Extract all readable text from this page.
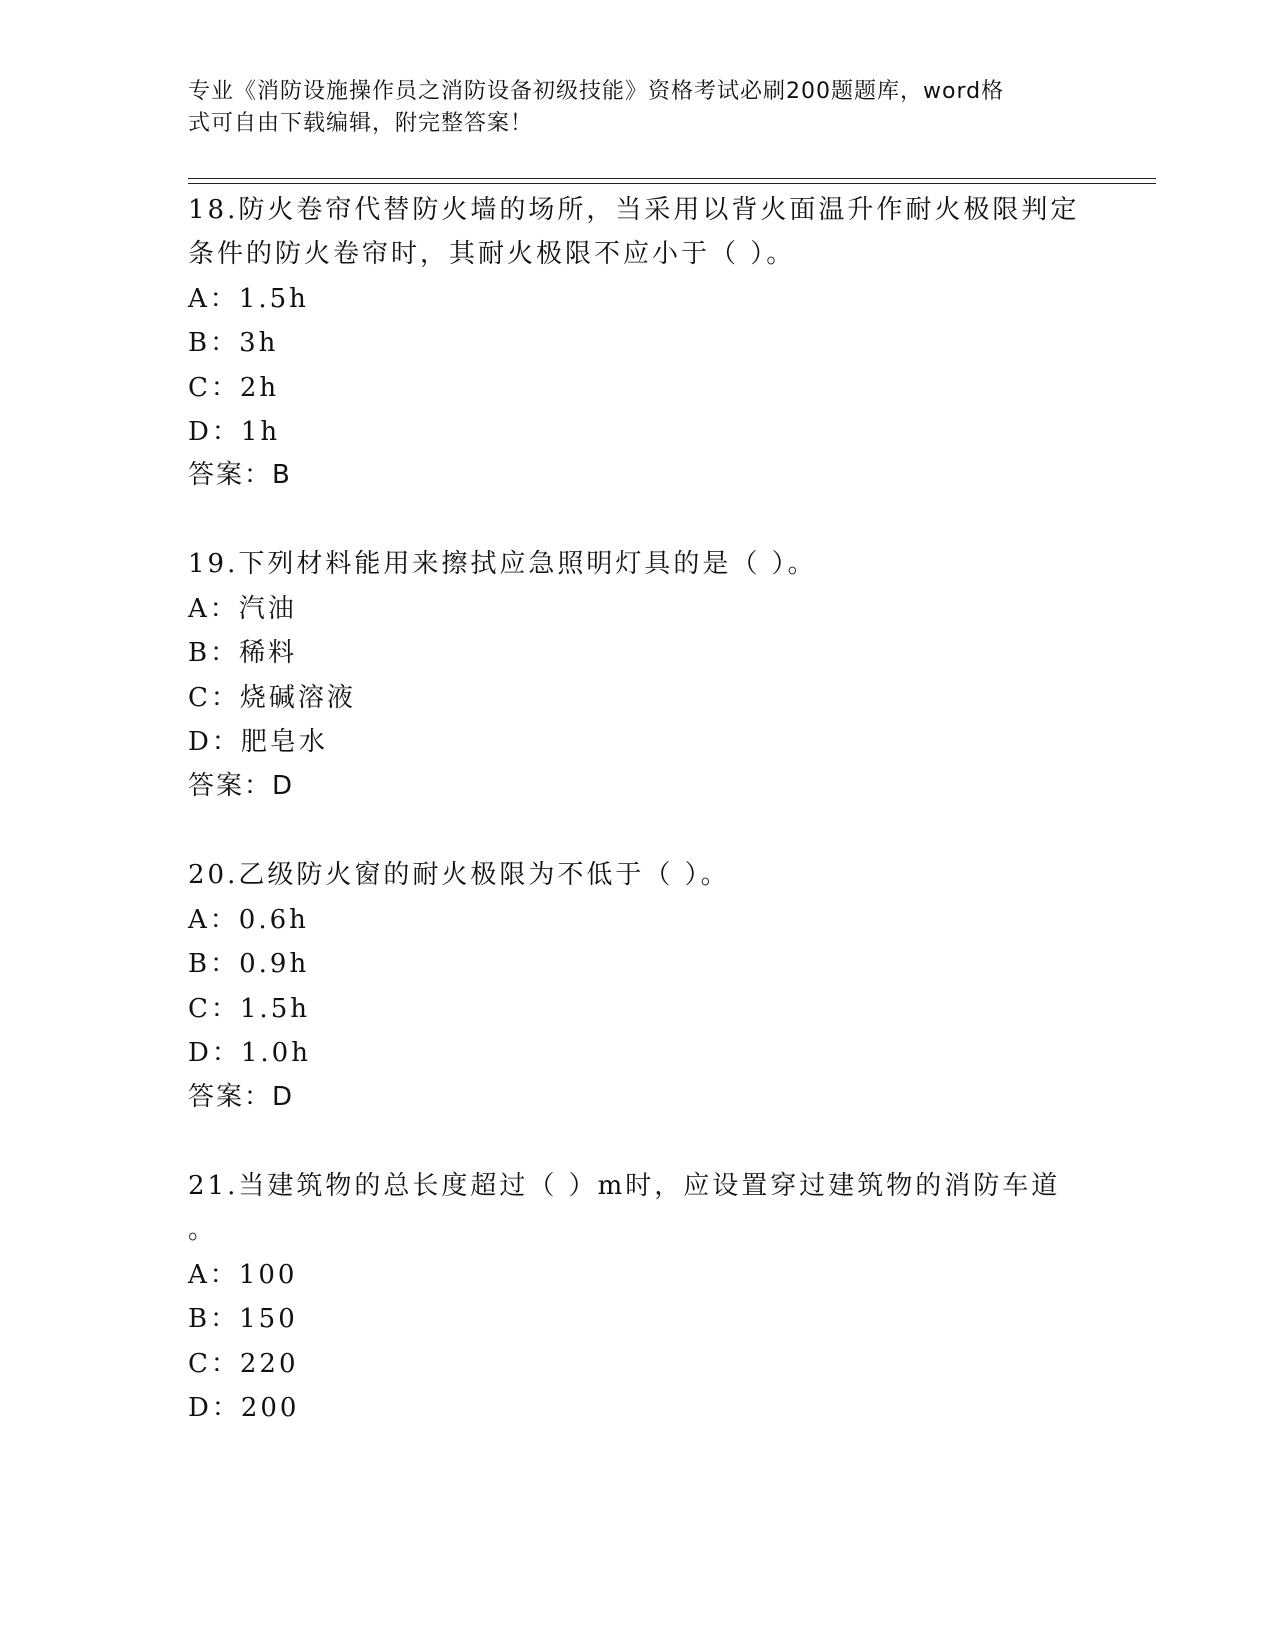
专业《消防设施操作员之消防设备初级技能》资格考试必刷200题题库，word格
式可自由下载编辑，附完整答案！

18.防火卷帘代替防火墙的场所，当采用以背火面温升作耐火极限判定

条件的防火卷帘时，其耐火极限不应小于（ ）。

A：1.5h

B：3h

C：2h

D：1h

答案：B

19.下列材料能用来擦拭应急照明灯具的是（ ）。

A：汽油

B：稀料

C：烧碱溶液

D：肥皂水

答案：D

20.乙级防火窗的耐火极限为不低于（ ）。

A：0.6h

B：0.9h

C：1.5h

D：1.0h

答案：D

21.当建筑物的总长度超过（ ）m时，应设置穿过建筑物的消防车道

。

A：100

B：150

C：220

D：200
